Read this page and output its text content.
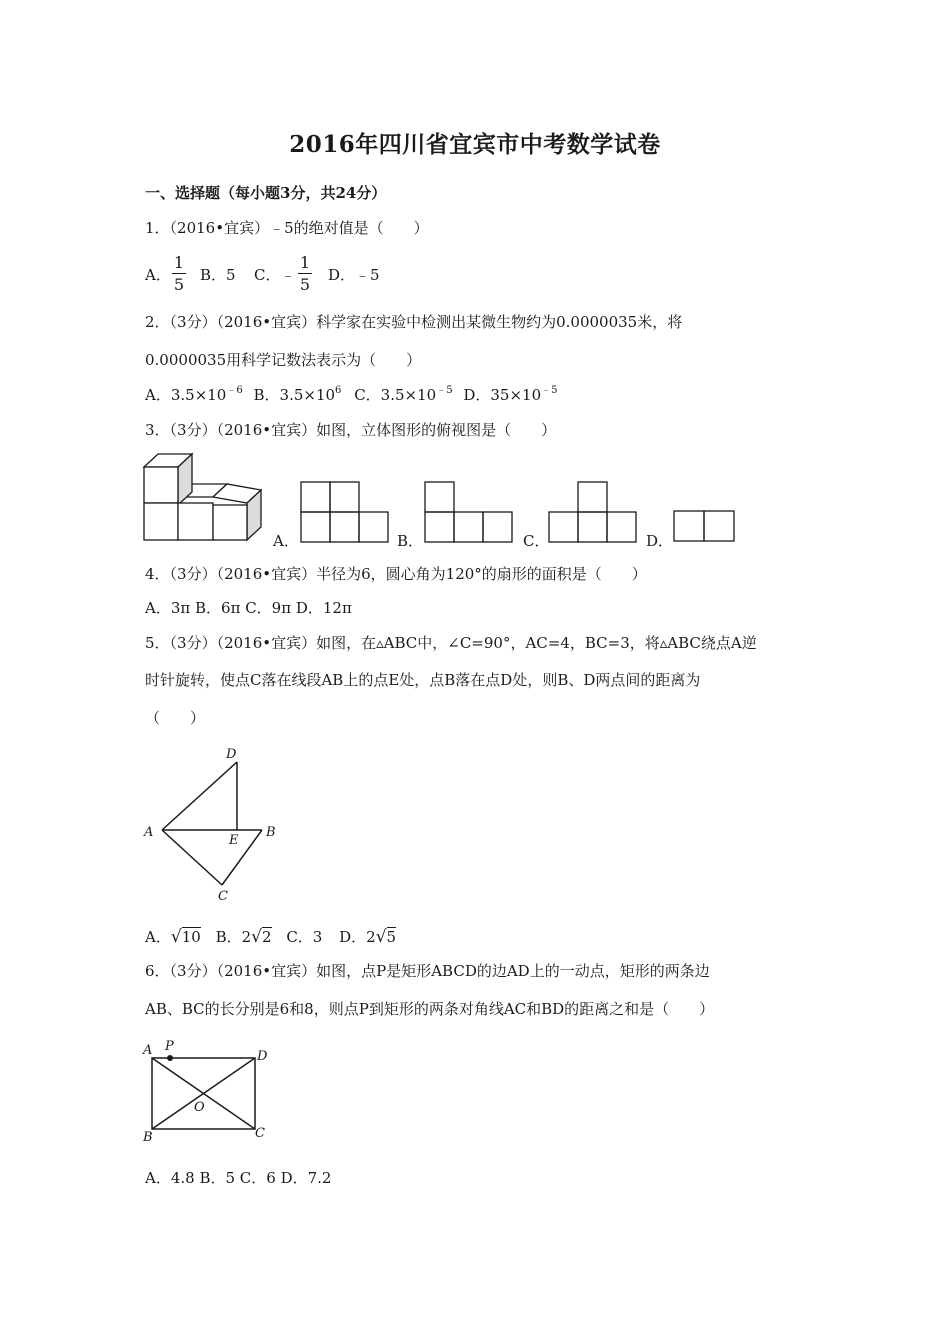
2016年四川省宜宾市中考数学试卷
一、选择题（每小题3分，共24分）
1．（2016•宜宾）﹣5的绝对值是（　　）
A．
1
5 B．5 C．﹣
1
5 D．﹣5
2．（3分）（2016•宜宾）科学家在实验中检测出某微生物约为0.0000035米，将
0.0000035用科学记数法表示为（　　）
A．$3.5\times 10^{﹣6}$ B．$3.5\times 10^6$ C．$3.5\times 10^{﹣5}$ D．$35\times 10^{﹣5}$
3．（3分）（2016•宜宾）如图，立体图形的俯视图是（　　）
A．	B．	C．	D．
4．（3分）（2016•宜宾）半径为6，圆心角为120°的扇形的面积是（　　）
A．3π B．6π C．9π D．12π
5．（3分）（2016•宜宾）如图，在▵ABC中，∠C=90°，AC=4，BC=3，将▵ABC绕点A逆
时针旋转，使点C落在线段AB上的点E处，点B落在点D处，则B、D两点间的距离为
（　　）
D
A
E
B
C
A．√10 B．2√2 C．3 D．2√5
6．（3分）（2016•宜宾）如图，点P是矩形ABCD的边AD上的一动点，矩形的两条边
AB、BC的长分别是6和8，则点P到矩形的两条对角线AC和BD的距离之和是（　　）
A P
D
O
B	C
A．4.8 B．5 C．6 D．7.2
